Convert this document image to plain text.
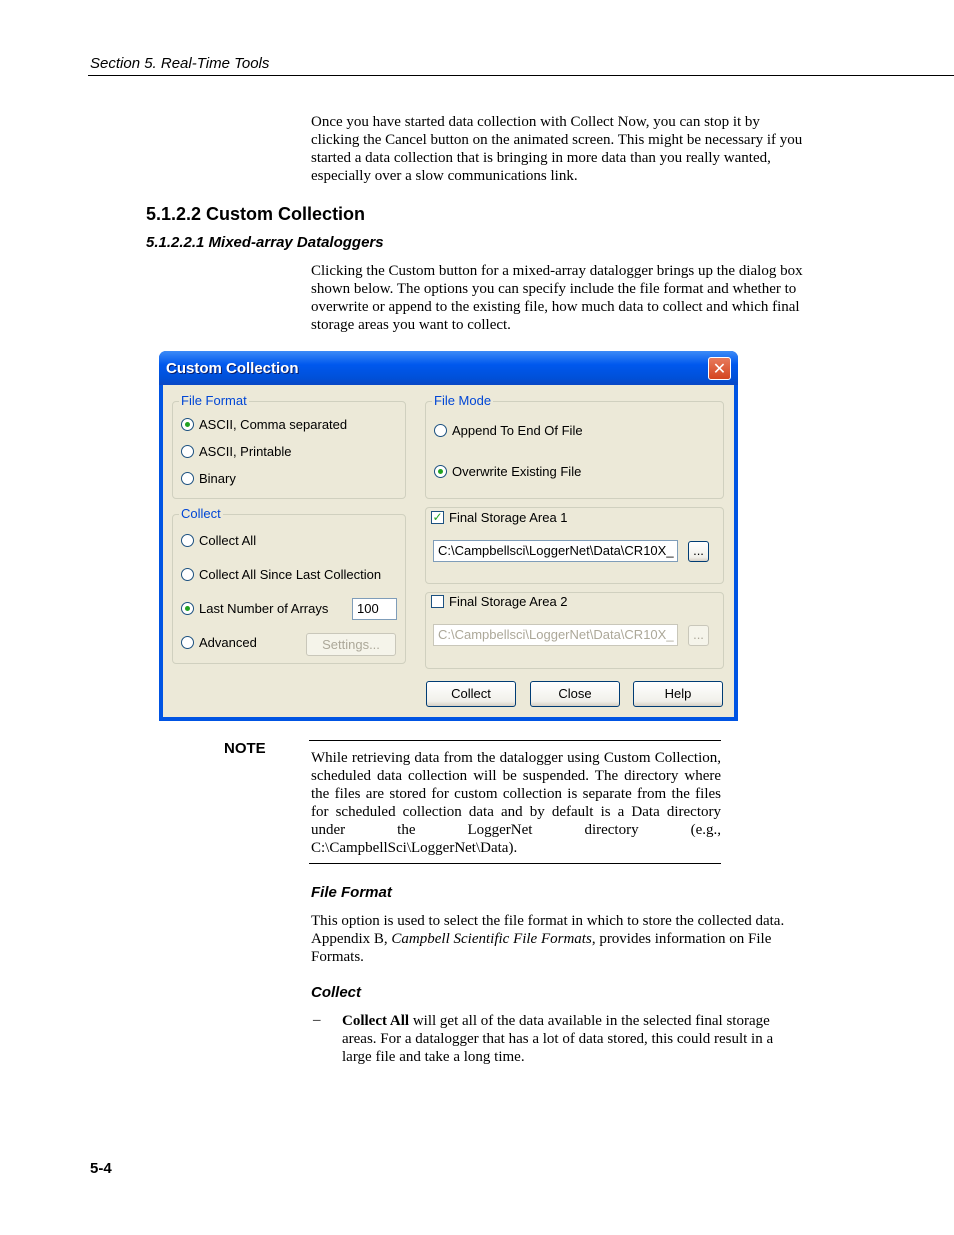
Section 5. Real-Time Tools
Once you have started data collection with Collect Now, you can stop it by clicking the Cancel button on the animated screen. This might be necessary if you started a data collection that is bringing in more data than you really wanted, especially over a slow communications link.
5.1.2.2 Custom Collection
5.1.2.2.1 Mixed-array Dataloggers
Clicking the Custom button for a mixed-array datalogger brings up the dialog box shown below. The options you can specify include the file format and whether to overwrite or append to the existing file, how much data to collect and which final storage areas you want to collect.
Custom Collection	✕
File Format
ASCII, Comma separated
ASCII, Printable
Binary
File Mode
Append To End Of File
Overwrite Existing File
Collect
Collect All
Collect All Since Last Collection
Last Number of Arrays	100
Advanced	Settings...
✓ Final Storage Area 1
C:\Campbellsci\LoggerNet\Data\CR10X_	...
Final Storage Area 2
C:\Campbellsci\LoggerNet\Data\CR10X_	...
Collect	Close	Help
NOTE
While retrieving data from the datalogger using Custom Collection, scheduled data collection will be suspended. The directory where the files are stored for custom collection is separate from the files for scheduled collection data and by default is a Data directory under the LoggerNet directory (e.g., C:\CampbellSci\LoggerNet\Data).
File Format
This option is used to select the file format in which to store the collected data. Appendix B, Campbell Scientific File Formats, provides information on File Formats.
Collect
– Collect All will get all of the data available in the selected final storage areas. For a datalogger that has a lot of data stored, this could result in a large file and take a long time.
5-4
